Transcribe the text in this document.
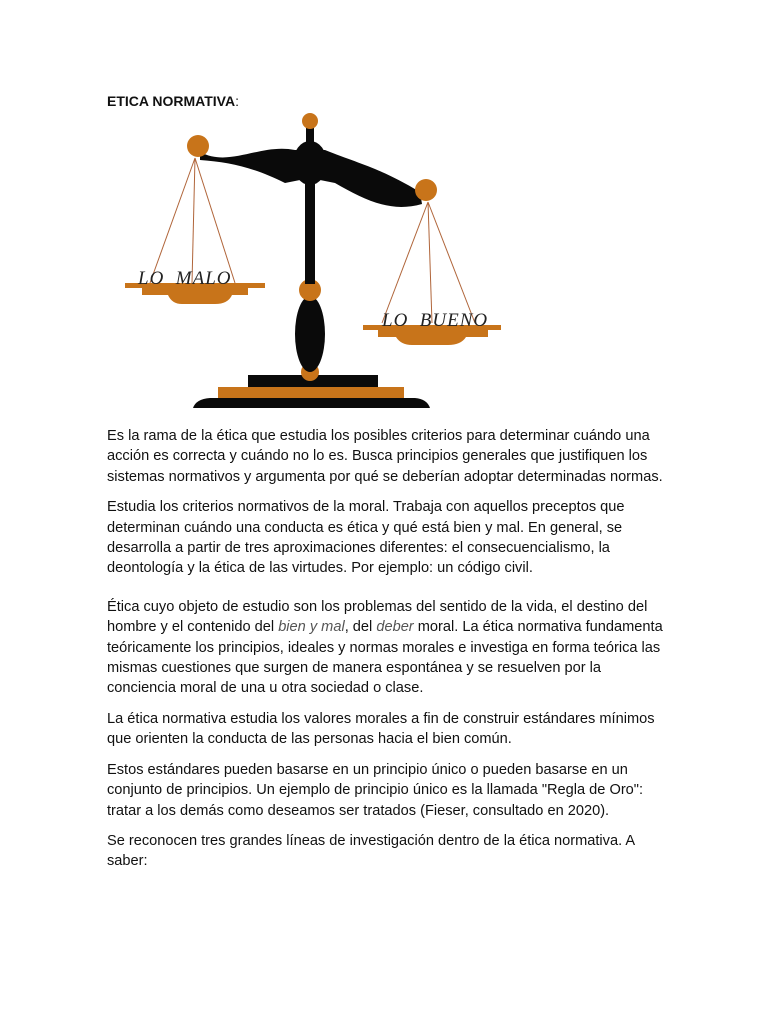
ETICA NORMATIVA:

LO  MALO
LO  BUENO

Es la rama de la ética que estudia los posibles criterios para determinar cuándo una acción es correcta y cuándo no lo es. Busca principios generales que justifiquen los sistemas normativos y argumenta por qué se deberían adoptar determinadas normas.

Estudia los criterios normativos de la moral. Trabaja con aquellos preceptos que determinan cuándo una conducta es ética y qué está bien y mal. En general, se desarrolla a partir de tres aproximaciones diferentes: el consecuencialismo, la deontología y la ética de las virtudes. Por ejemplo: un código civil.

Ética cuyo objeto de estudio son los problemas del sentido de la vida, el destino del hombre y el contenido del bien y mal, del deber moral. La ética normativa fundamenta teóricamente los principios, ideales y normas morales e investiga en forma teórica las mismas cuestiones que surgen de manera espontánea y se resuelven por la conciencia moral de una u otra sociedad o clase.

La ética normativa estudia los valores morales a fin de construir estándares mínimos que orienten la conducta de las personas hacia el bien común.

Estos estándares pueden basarse en un principio único o pueden basarse en un conjunto de principios. Un ejemplo de principio único es la llamada "Regla de Oro": tratar a los demás como deseamos ser tratados (Fieser, consultado en 2020).

Se reconocen tres grandes líneas de investigación dentro de la ética normativa. A saber:
